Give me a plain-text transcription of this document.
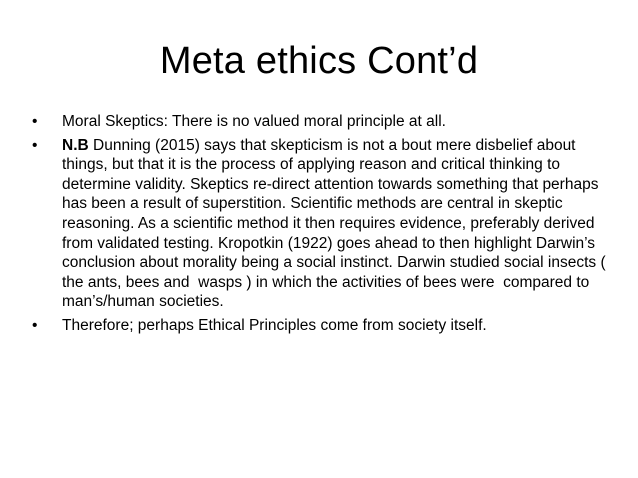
Meta ethics Cont’d
•	Moral Skeptics: There is no valued moral principle at all.
•	N.B Dunning (2015) says that skepticism is not a bout mere disbelief about things, but that it is the process of applying reason and critical thinking to determine validity. Skeptics re-direct attention towards something that perhaps has been a result of superstition. Scientific methods are central in skeptic reasoning. As a scientific method it then requires evidence, preferably derived from validated testing. Kropotkin (1922) goes ahead to then highlight Darwin’s conclusion about morality being a social instinct. Darwin studied social insects ( the ants, bees and  wasps ) in which the activities of bees were  compared to man’s/human societies.
•	Therefore; perhaps Ethical Principles come from society itself.
